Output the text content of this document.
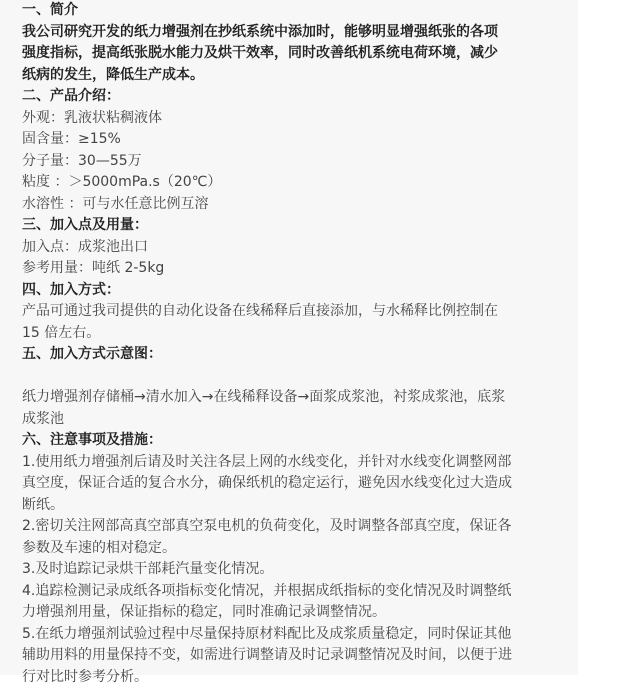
一、简介
我公司研究开发的纸力增强剂在抄纸系统中添加时，能够明显增强纸张的各项
强度指标，提高纸张脱水能力及烘干效率，同时改善纸机系统电荷环境，减少
纸病的发生，降低生产成本。
二、产品介绍：
外观：乳液状粘稠液体
固含量：≥15%
分子量：30—55万
粘度 ：＞5000mPa.s（20℃）
水溶性 ：可与水任意比例互溶
三、加入点及用量：
加入点：成浆池出口
参考用量：吨纸 2-5kg
四、加入方式：
产品可通过我司提供的自动化设备在线稀释后直接添加，与水稀释比例控制在
15 倍左右。
五、加入方式示意图：
纸力增强剂存储桶→清水加入→在线稀释设备→面浆成浆池，衬浆成浆池，底浆
成浆池
六、注意事项及措施：
1.使用纸力增强剂后请及时关注各层上网的水线变化，并针对水线变化调整网部
真空度，保证合适的复合水分，确保纸机的稳定运行，避免因水线变化过大造成
断纸。
2.密切关注网部高真空部真空泵电机的负荷变化，及时调整各部真空度，保证各
参数及车速的相对稳定。
3.及时追踪记录烘干部耗汽量变化情况。
4.追踪检测记录成纸各项指标变化情况，并根据成纸指标的变化情况及时调整纸
力增强剂用量，保证指标的稳定，同时准确记录调整情况。
5.在纸力增强剂试验过程中尽量保持原材料配比及成浆质量稳定，同时保证其他
辅助用料的用量保持不变，如需进行调整请及时记录调整情况及时间，以便于进
行对比时参考分析。
